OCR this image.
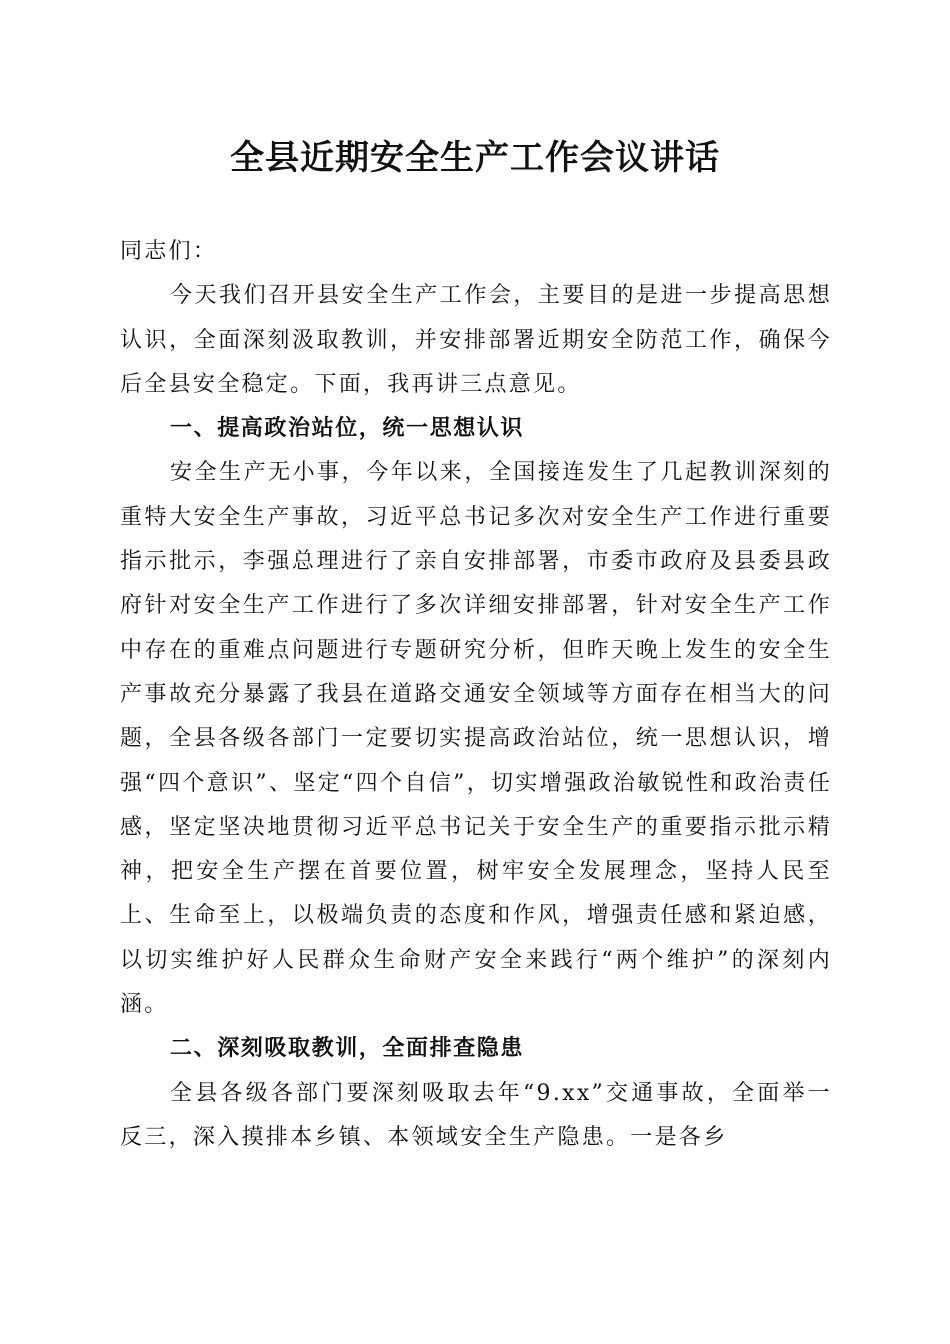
全县近期安全生产工作会议讲话

同志们：

今天我们召开县安全生产工作会，主要目的是进一步提高思想认识，全面深刻汲取教训，并安排部署近期安全防范工作，确保今后全县安全稳定。下面，我再讲三点意见。

一、提高政治站位，统一思想认识

安全生产无小事，今年以来，全国接连发生了几起教训深刻的重特大安全生产事故，习近平总书记多次对安全生产工作进行重要指示批示，李强总理进行了亲自安排部署，市委市政府及县委县政府针对安全生产工作进行了多次详细安排部署，针对安全生产工作中存在的重难点问题进行专题研究分析，但昨天晚上发生的安全生产事故充分暴露了我县在道路交通安全领域等方面存在相当大的问题，全县各级各部门一定要切实提高政治站位，统一思想认识，增强“四个意识”、坚定“四个自信”，切实增强政治敏锐性和政治责任感，坚定坚决地贯彻习近平总书记关于安全生产的重要指示批示精神，把安全生产摆在首要位置，树牢安全发展理念，坚持人民至上、生命至上，以极端负责的态度和作风，增强责任感和紧迫感，以切实维护好人民群众生命财产安全来践行“两个维护”的深刻内涵。

二、深刻吸取教训，全面排查隐患

全县各级各部门要深刻吸取去年“9.xx”交通事故，全面举一反三，深入摸排本乡镇、本领域安全生产隐患。一是各乡
